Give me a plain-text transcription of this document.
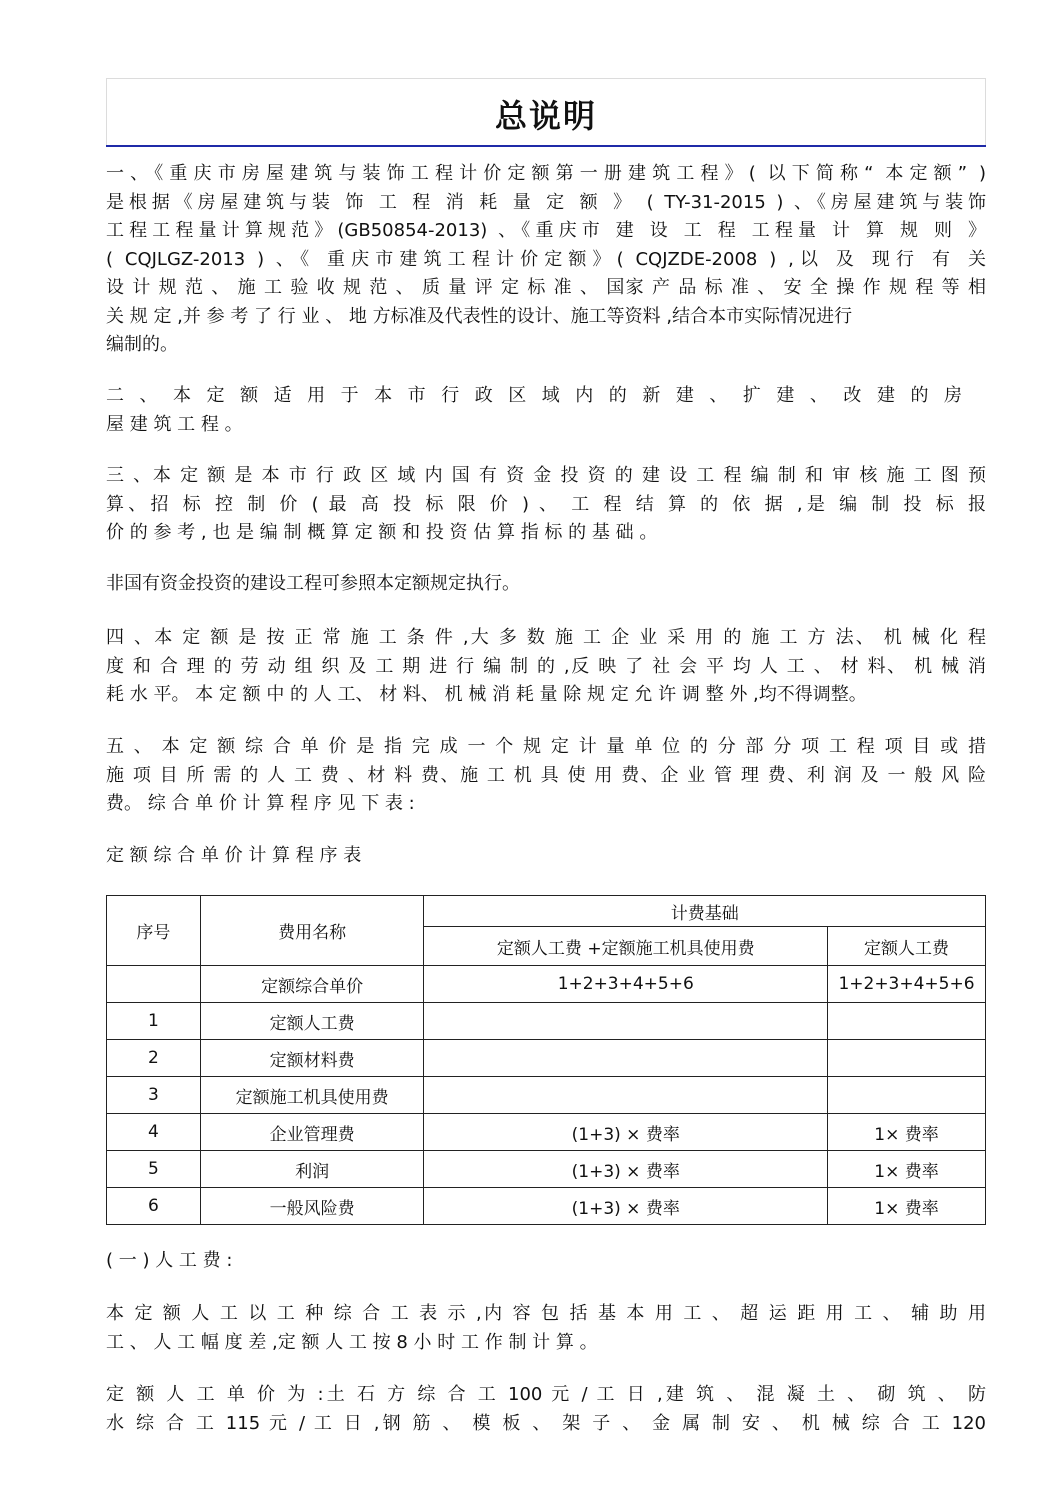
总说明
一、《重庆市房屋建筑与装饰工程计价定额第一册建筑工程》( 以下简称“ 本定额” )
是根据《房屋建筑与装 饰 工 程 消 耗 量 定 额 》 ( TY-31-2015 ) 、《房屋建筑与装饰
工程工程量计算规范》(GB50854-2013) 、《重庆市 建 设 工 程 工程量 计 算 规 则 》
( CQJLGZ-2013 ) 、《 重庆市建筑工程计价定额》( CQJZDE-2008 ) ,以 及 现行 有 关
设 计 规 范 、 施 工 验 收 规 范 、 质 量 评 定 标 准 、 国家 产 品 标 准 、 安 全 操 作 规 程 等 相
关 规 定 ,并 参 考 了 行 业 、 地 方标准及代表性的设计、施工等资料 ,结合本市实际情况进行
编制的。
二 、 本 定 额 适 用 于 本 市 行 政 区 域 内 的 新 建 、 扩 建 、 改 建 的 房
屋 建 筑 工 程 。
三 、本 定 额 是 本 市 行 政 区 域 内 国 有 资 金 投 资 的 建 设 工 程 编 制 和 审 核 施 工 图 预
算、招 标 控 制 价 ( 最 高 投 标 限 价 ) 、 工 程 结 算 的 依 据 ,是 编 制 投 标 报
价 的 参 考 , 也 是 编 制 概 算 定 额 和 投 资 估 算 指 标 的 基 础 。
非国有资金投资的建设工程可参照本定额规定执行。
四 、本 定 额 是 按 正 常 施 工 条 件 ,大 多 数 施 工 企 业 采 用 的 施 工 方 法、 机 械 化 程
度 和 合 理 的 劳 动 组 织 及 工 期 进 行 编 制 的 ,反 映 了 社 会 平 均 人 工 、 材 料、 机 械 消
耗 水 平。 本 定 额 中 的 人 工、 材 料、 机 械 消 耗 量 除 规 定 允 许 调 整 外 ,均不得调整。
五 、 本 定 额 综 合 单 价 是 指 完 成 一 个 规 定 计 量 单 位 的 分 部 分 项 工 程 项 目 或 措
施 项 目 所 需 的 人 工 费 、材 料 费、施 工 机 具 使 用 费、企 业 管 理 费、利 润 及 一 般 风 险
费。 综 合 单 价 计 算 程 序 见 下 表 :
定 额 综 合 单 价 计 算 程 序 表
序号	费用名称	计费基础	
		定额人工费 +定额施工机具使用费	定额人工费
	定额综合单价	1+2+3+4+5+6	1+2+3+4+5+6
1	定额人工费		
2	定额材料费		
3	定额施工机具使用费		
4	企业管理费	(1+3) × 费率	1× 费率
5	利润	(1+3) × 费率	1× 费率
6	一般风险费	(1+3) × 费率	1× 费率
( 一 ) 人 工 费 :
本 定 额 人 工 以 工 种 综 合 工 表 示 ,内 容 包 括 基 本 用 工 、 超 运 距 用 工 、 辅 助 用
工 、 人 工 幅 度 差 ,定 额 人 工 按 8 小 时 工 作 制 计 算 。
定 额 人 工 单 价 为 :土 石 方 综 合 工 100 元 / 工 日 ,建 筑 、 混 凝 土 、 砌 筑 、 防
水 综 合 工 115 元 / 工 日 ,钢 筋 、 模 板 、 架 子 、 金 属 制 安 、 机 械 综 合 工 120
